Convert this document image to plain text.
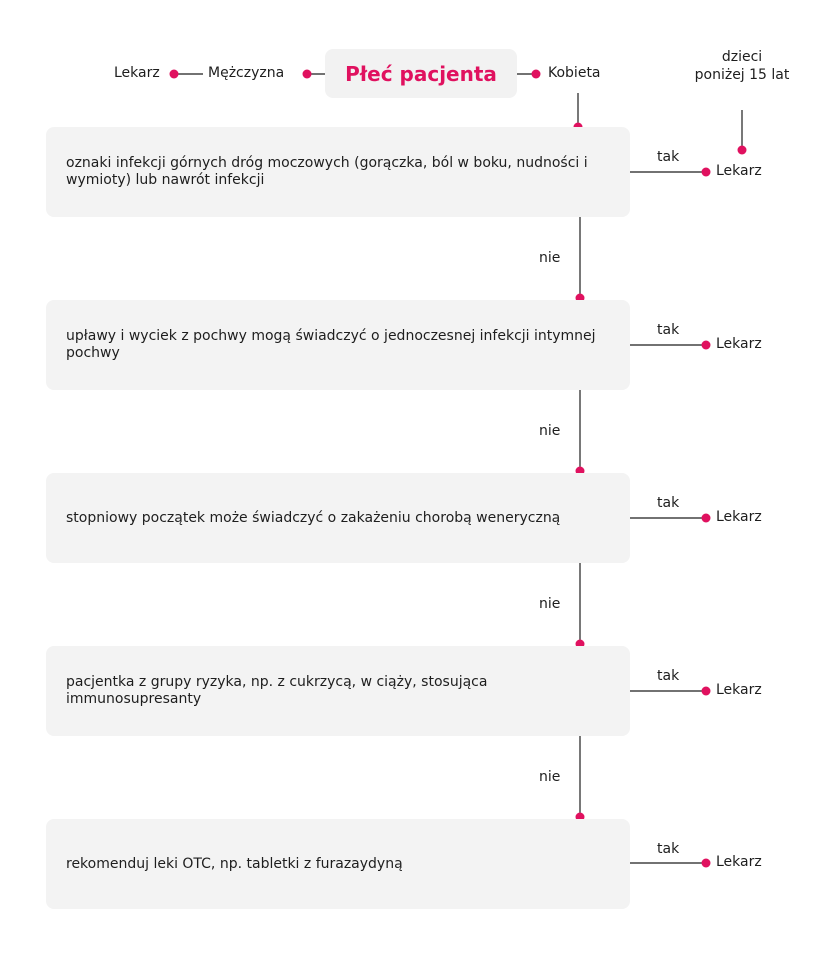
Lekarz	Mężczyzna	Płeć pacjenta	Kobieta
dzieci
poniżej 15 lat
oznaki infekcji górnych dróg moczowych (gorączka, ból w boku, nudności i wymioty) lub nawrót infekcji
upławy i wyciek z pochwy mogą świadczyć o jednoczesnej infekcji intymnej pochwy
stopniowy początek może świadczyć o zakażeniu chorobą weneryczną
pacjentka z grupy ryzyka, np. z cukrzycą, w ciąży, stosująca immunosupresanty
rekomenduj leki OTC, np. tabletki z furazaydyną
tak
tak
tak
tak
tak
Lekarz
Lekarz
Lekarz
Lekarz
Lekarz
nie
nie
nie
nie
